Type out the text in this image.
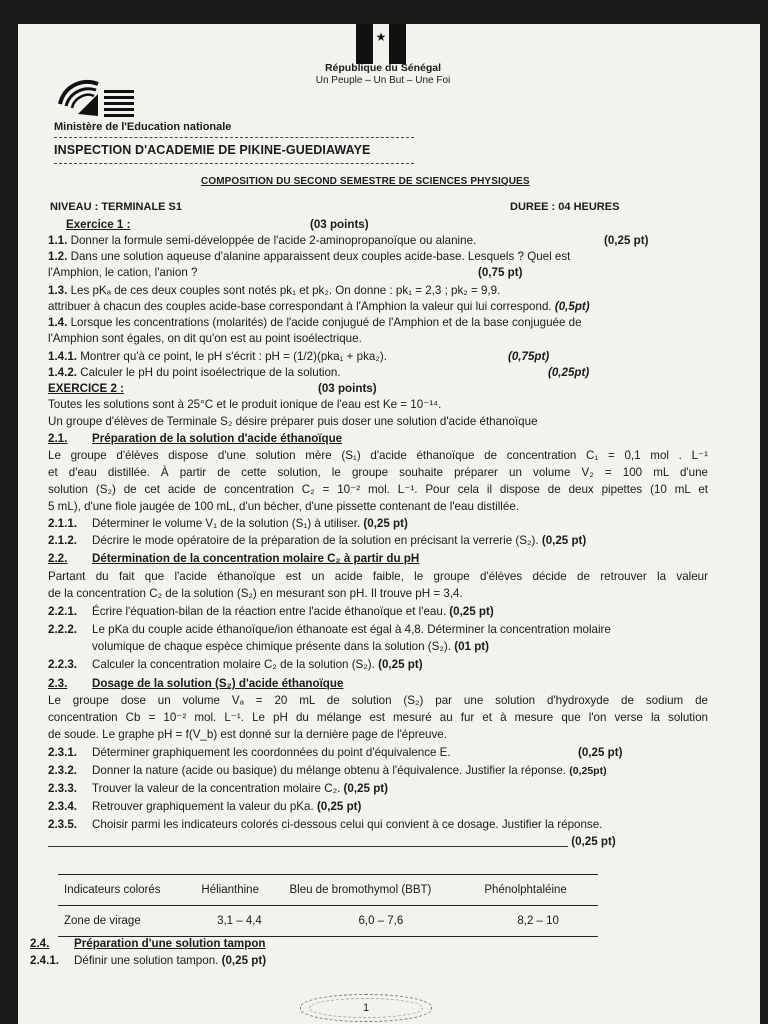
★
République du Sénégal
Un Peuple – Un But – Une Foi
Ministère de l'Education nationale
INSPECTION D'ACADEMIE DE PIKINE-GUEDIAWAYE
COMPOSITION DU SECOND SEMESTRE DE SCIENCES PHYSIQUES
NIVEAU : TERMINALE S1	DUREE : 04 HEURES
Exercice 1 :	(03 points)
1.1. Donner la formule semi-développée de l'acide 2-aminopropanoïque ou alanine.	(0,25 pt)
1.2. Dans une solution aqueuse d'alanine apparaissent deux couples acide-base. Lesquels ? Quel est
l'Amphion, le cation, l'anion ?	(0,75 pt)
1.3. Les pKₐ de ces deux couples sont notés pk₁ et pk₂. On donne : pk₁ = 2,3 ; pk₂ = 9,9.
attribuer à chacun des couples acide-base correspondant à l'Amphion la valeur qui lui correspond. (0,5pt)
1.4. Lorsque les concentrations (molarités) de l'acide conjugué de l'Amphion et de la base conjuguée de
l'Amphion sont égales, on dit qu'on est au point isoélectrique.
1.4.1. Montrer qu'à ce point, le pH s'écrit : pH = (1/2)(pka₁ + pka₂).	(0,75pt)
1.4.2. Calculer le pH du point isoélectrique de la solution.	(0,25pt)
EXERCICE 2 :	(03 points)
Toutes les solutions sont à 25°C et le produit ionique de l'eau est Ke = 10⁻¹⁴.
Un groupe d'élèves de Terminale S₂ désire préparer puis doser une solution d'acide éthanoïque
2.1. Préparation de la solution d'acide éthanoïque
Le groupe d'élèves dispose d'une solution mère (S₁) d'acide éthanoïque de concentration C₁ = 0,1 mol . L⁻¹
et d'eau distillée. À partir de cette solution, le groupe souhaite préparer un volume V₂ = 100 mL d'une
solution (S₂) de cet acide de concentration C₂ = 10⁻² mol. L⁻¹. Pour cela il dispose de deux pipettes (10 mL et
5 mL), d'une fiole jaugée de 100 mL, d'un bécher, d'une pissette contenant de l'eau distillée.
2.1.1. Déterminer le volume V₁ de la solution (S₁) à utiliser. (0,25 pt)
2.1.2. Décrire le mode opératoire de la préparation de la solution en précisant la verrerie (S₂). (0,25 pt)
2.2. Détermination de la concentration molaire C₂ à partir du pH
Partant du fait que l'acide éthanoïque est un acide faible, le groupe d'élèves décide de retrouver la valeur
de la concentration C₂ de la solution (S₂) en mesurant son pH. Il trouve pH = 3,4.
2.2.1. Écrire l'équation-bilan de la réaction entre l'acide éthanoïque et l'eau. (0,25 pt)
2.2.2. Le pKa du couple acide éthanoïque/ion éthanoate est égal à 4,8. Déterminer la concentration molaire
volumique de chaque espèce chimique présente dans la solution (S₂). (01 pt)
2.2.3. Calculer la concentration molaire C₂ de la solution (S₂). (0,25 pt)
2.3. Dosage de la solution (S₂) d'acide éthanoïque
Le groupe dose un volume Vₐ = 20 mL de solution (S₂) par une solution d'hydroxyde de sodium de
concentration Cb = 10⁻² mol. L⁻¹. Le pH du mélange est mesuré au fur et à mesure que l'on verse la solution
de soude. Le graphe pH = f(V_b) est donné sur la dernière page de l'épreuve.
2.3.1. Déterminer graphiquement les coordonnées du point d'équivalence E.	(0,25 pt)
2.3.2. Donner la nature (acide ou basique) du mélange obtenu à l'équivalence. Justifier la réponse. (0,25pt)
2.3.3. Trouver la valeur de la concentration molaire C₂. (0,25 pt)
2.3.4. Retrouver graphiquement la valeur du pKa. (0,25 pt)
2.3.5. Choisir parmi les indicateurs colorés ci-dessous celui qui convient à ce dosage. Justifier la réponse.
(0,25 pt)
Indicateurs colorés	Hélianthine	Bleu de bromothymol (BBT)	Phénolphtaléine
Zone de virage	3,1 – 4,4	6,0 – 7,6	8,2 – 10
2.4. Préparation d'une solution tampon
2.4.1. Définir une solution tampon. (0,25 pt)
1
